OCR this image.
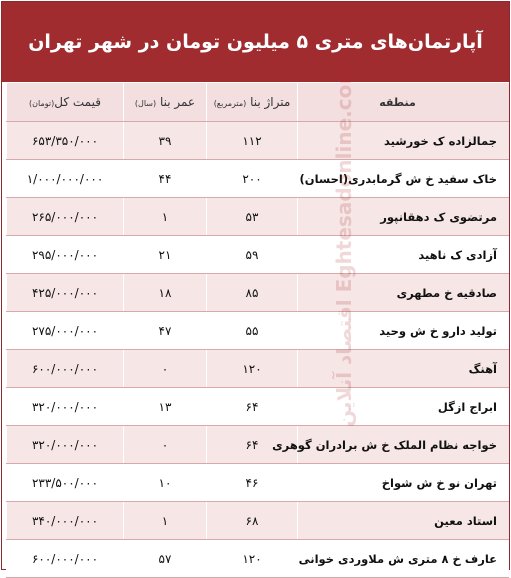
آپارتمان‌های متری ۵ میلیون تومان در شهر تهران
قیمت کل(تومان)	عمر بنا (سال)	متراژ بنا (مترمربع)	منطقه
۶۵۳/۳۵۰/۰۰۰	۳۹	۱۱۲	جمالزاده ک خورشید
۱/۰۰۰/۰۰۰/۰۰۰	۴۴	۲۰۰	خاک سفید خ ش گرمابدری(احسان)
۲۶۵/۰۰۰/۰۰۰	۱	۵۳	مرتضوی ک دهقانپور
۲۹۵/۰۰۰/۰۰۰	۲۱	۵۹	آزادی ک ناهید
۴۲۵/۰۰۰/۰۰۰	۱۸	۸۵	صادقیه خ مطهری
۲۷۵/۰۰۰/۰۰۰	۴۷	۵۵	تولید دارو خ ش وحید
۶۰۰/۰۰۰/۰۰۰	۰	۱۲۰	آهنگ
۳۲۰/۰۰۰/۰۰۰	۱۳	۶۴	ابراج ازگل
۳۲۰/۰۰۰/۰۰۰	۰	۶۴	خواجه نظام الملک خ ش برادران گوهری
۲۳۳/۵۰۰/۰۰۰	۱۰	۴۶	تهران نو خ ش شواخ
۳۴۰/۰۰۰/۰۰۰	۱	۶۸	استاد معین
۶۰۰/۰۰۰/۰۰۰	۵۷	۱۲۰	عارف خ ۸ متری ش ملاوردی خوانی
